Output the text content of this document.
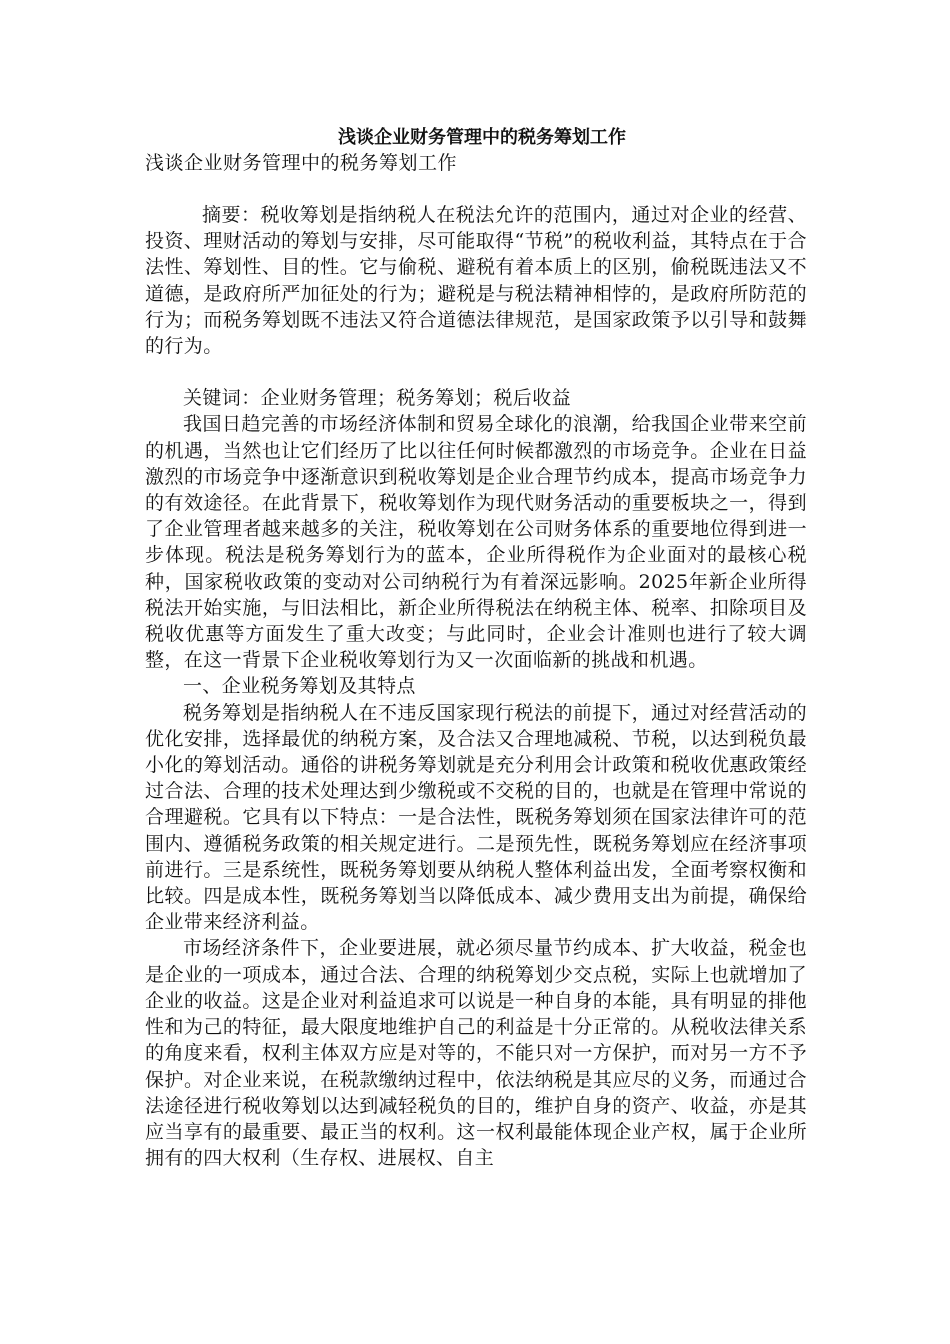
浅谈企业财务管理中的税务筹划工作

浅谈企业财务管理中的税务筹划工作

摘要：税收筹划是指纳税人在税法允许的范围内，通过对企业的经营、投资、理财活动的筹划与安排，尽可能取得“节税”的税收利益，其特点在于合法性、筹划性、目的性。它与偷税、避税有着本质上的区别，偷税既违法又不道德，是政府所严加征处的行为；避税是与税法精神相悖的，是政府所防范的行为；而税务筹划既不违法又符合道德法律规范，是国家政策予以引导和鼓舞的行为。

关键词：企业财务管理；税务筹划；税后收益

我国日趋完善的市场经济体制和贸易全球化的浪潮，给我国企业带来空前的机遇，当然也让它们经历了比以往任何时候都激烈的市场竞争。企业在日益激烈的市场竞争中逐渐意识到税收筹划是企业合理节约成本，提高市场竞争力的有效途径。在此背景下，税收筹划作为现代财务活动的重要板块之一，得到了企业管理者越来越多的关注，税收筹划在公司财务体系的重要地位得到进一步体现。税法是税务筹划行为的蓝本，企业所得税作为企业面对的最核心税种，国家税收政策的变动对公司纳税行为有着深远影响。2025年新企业所得税法开始实施，与旧法相比，新企业所得税法在纳税主体、税率、扣除项目及税收优惠等方面发生了重大改变；与此同时，企业会计准则也进行了较大调整，在这一背景下企业税收筹划行为又一次面临新的挑战和机遇。

一、企业税务筹划及其特点

税务筹划是指纳税人在不违反国家现行税法的前提下，通过对经营活动的优化安排，选择最优的纳税方案，及合法又合理地减税、节税，以达到税负最小化的筹划活动。通俗的讲税务筹划就是充分利用会计政策和税收优惠政策经过合法、合理的技术处理达到少缴税或不交税的目的，也就是在管理中常说的合理避税。它具有以下特点：一是合法性，既税务筹划须在国家法律许可的范围内、遵循税务政策的相关规定进行。二是预先性，既税务筹划应在经济事项前进行。三是系统性，既税务筹划要从纳税人整体利益出发，全面考察权衡和比较。四是成本性，既税务筹划当以降低成本、减少费用支出为前提，确保给企业带来经济利益。

市场经济条件下，企业要进展，就必须尽量节约成本、扩大收益，税金也是企业的一项成本，通过合法、合理的纳税筹划少交点税，实际上也就增加了企业的收益。这是企业对利益追求可以说是一种自身的本能，具有明显的排他性和为己的特征，最大限度地维护自己的利益是十分正常的。从税收法律关系的角度来看，权利主体双方应是对等的，不能只对一方保护，而对另一方不予保护。对企业来说，在税款缴纳过程中，依法纳税是其应尽的义务，而通过合法途径进行税收筹划以达到减轻税负的目的，维护自身的资产、收益，亦是其应当享有的最重要、最正当的权利。这一权利最能体现企业产权，属于企业所拥有的四大权利（生存权、进展权、自主
